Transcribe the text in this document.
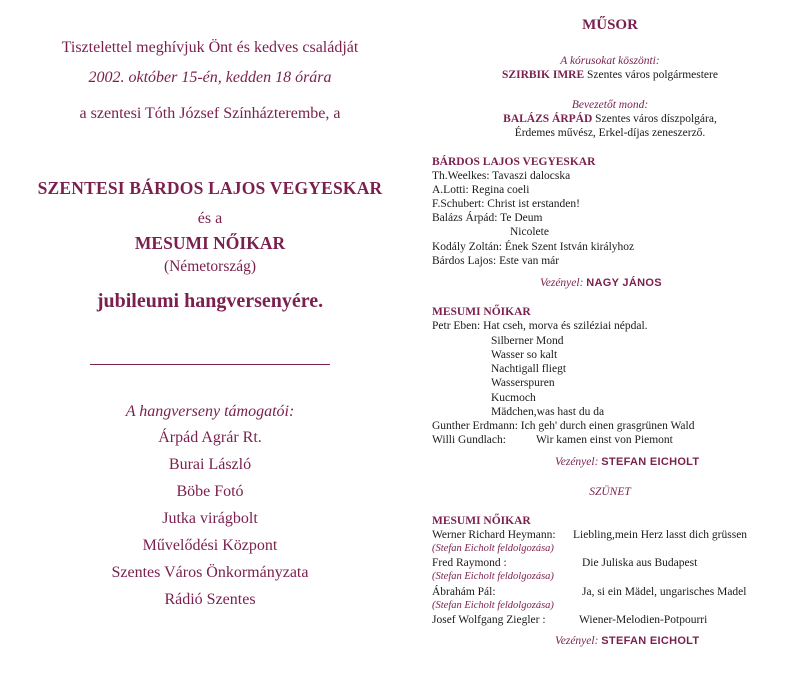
Tisztelettel meghívjuk Önt és kedves családját
2002. október 15-én, kedden 18 órára
a szentesi Tóth József Színházterembe, a
SZENTESI BÁRDOS LAJOS VEGYESKAR
és a
MESUMI NŐIKAR
(Németország)
jubileumi hangversenyére.
A hangverseny támogatói:
Árpád Agrár Rt.
Burai László
Böbe Fotó
Jutka virágbolt
Művelődési Központ
Szentes Város Önkormányzata
Rádió Szentes
MŰSOR
A kórusokat köszönti:
SZIRBIK IMRE Szentes város polgármestere
Bevezetőt mond:
BALÁZS ÁRPÁD Szentes város díszpolgára,
Érdemes művész, Erkel-díjas zeneszerző.
BÁRDOS LAJOS VEGYESKAR
Th.Weelkes: Tavaszi dalocska
A.Lotti: Regina coeli
F.Schubert: Christ ist erstanden!
Balázs Árpád: Te Deum
Nicolete
Kodály Zoltán: Ének Szent István királyhoz
Bárdos Lajos: Este van már
Vezényel: NAGY JÁNOS
MESUMI NŐIKAR
Petr Eben: Hat cseh, morva és sziléziai népdal.
Silberner Mond
Wasser so kalt
Nachtigall fliegt
Wasserspuren
Kucmoch
Mädchen,was hast du da
Gunther Erdmann: Ich geh' durch einen grasgrünen Wald
Willi Gundlach:	Wir kamen einst von Piemont
Vezényel: STEFAN EICHOLT
SZÜNET
MESUMI NŐIKAR
Werner Richard Heymann: Liebling,mein Herz lasst dich grüssen
(Stefan Eicholt feldolgozása)
Fred Raymond :	Die Juliska aus Budapest
(Stefan Eicholt feldolgozása)
Ábrahám Pál:	Ja, si ein Mädel, ungarisches Madel
(Stefan Eicholt feldolgozása)
Josef Wolfgang Ziegler :	Wiener-Melodien-Potpourri
Vezényel: STEFAN EICHOLT
